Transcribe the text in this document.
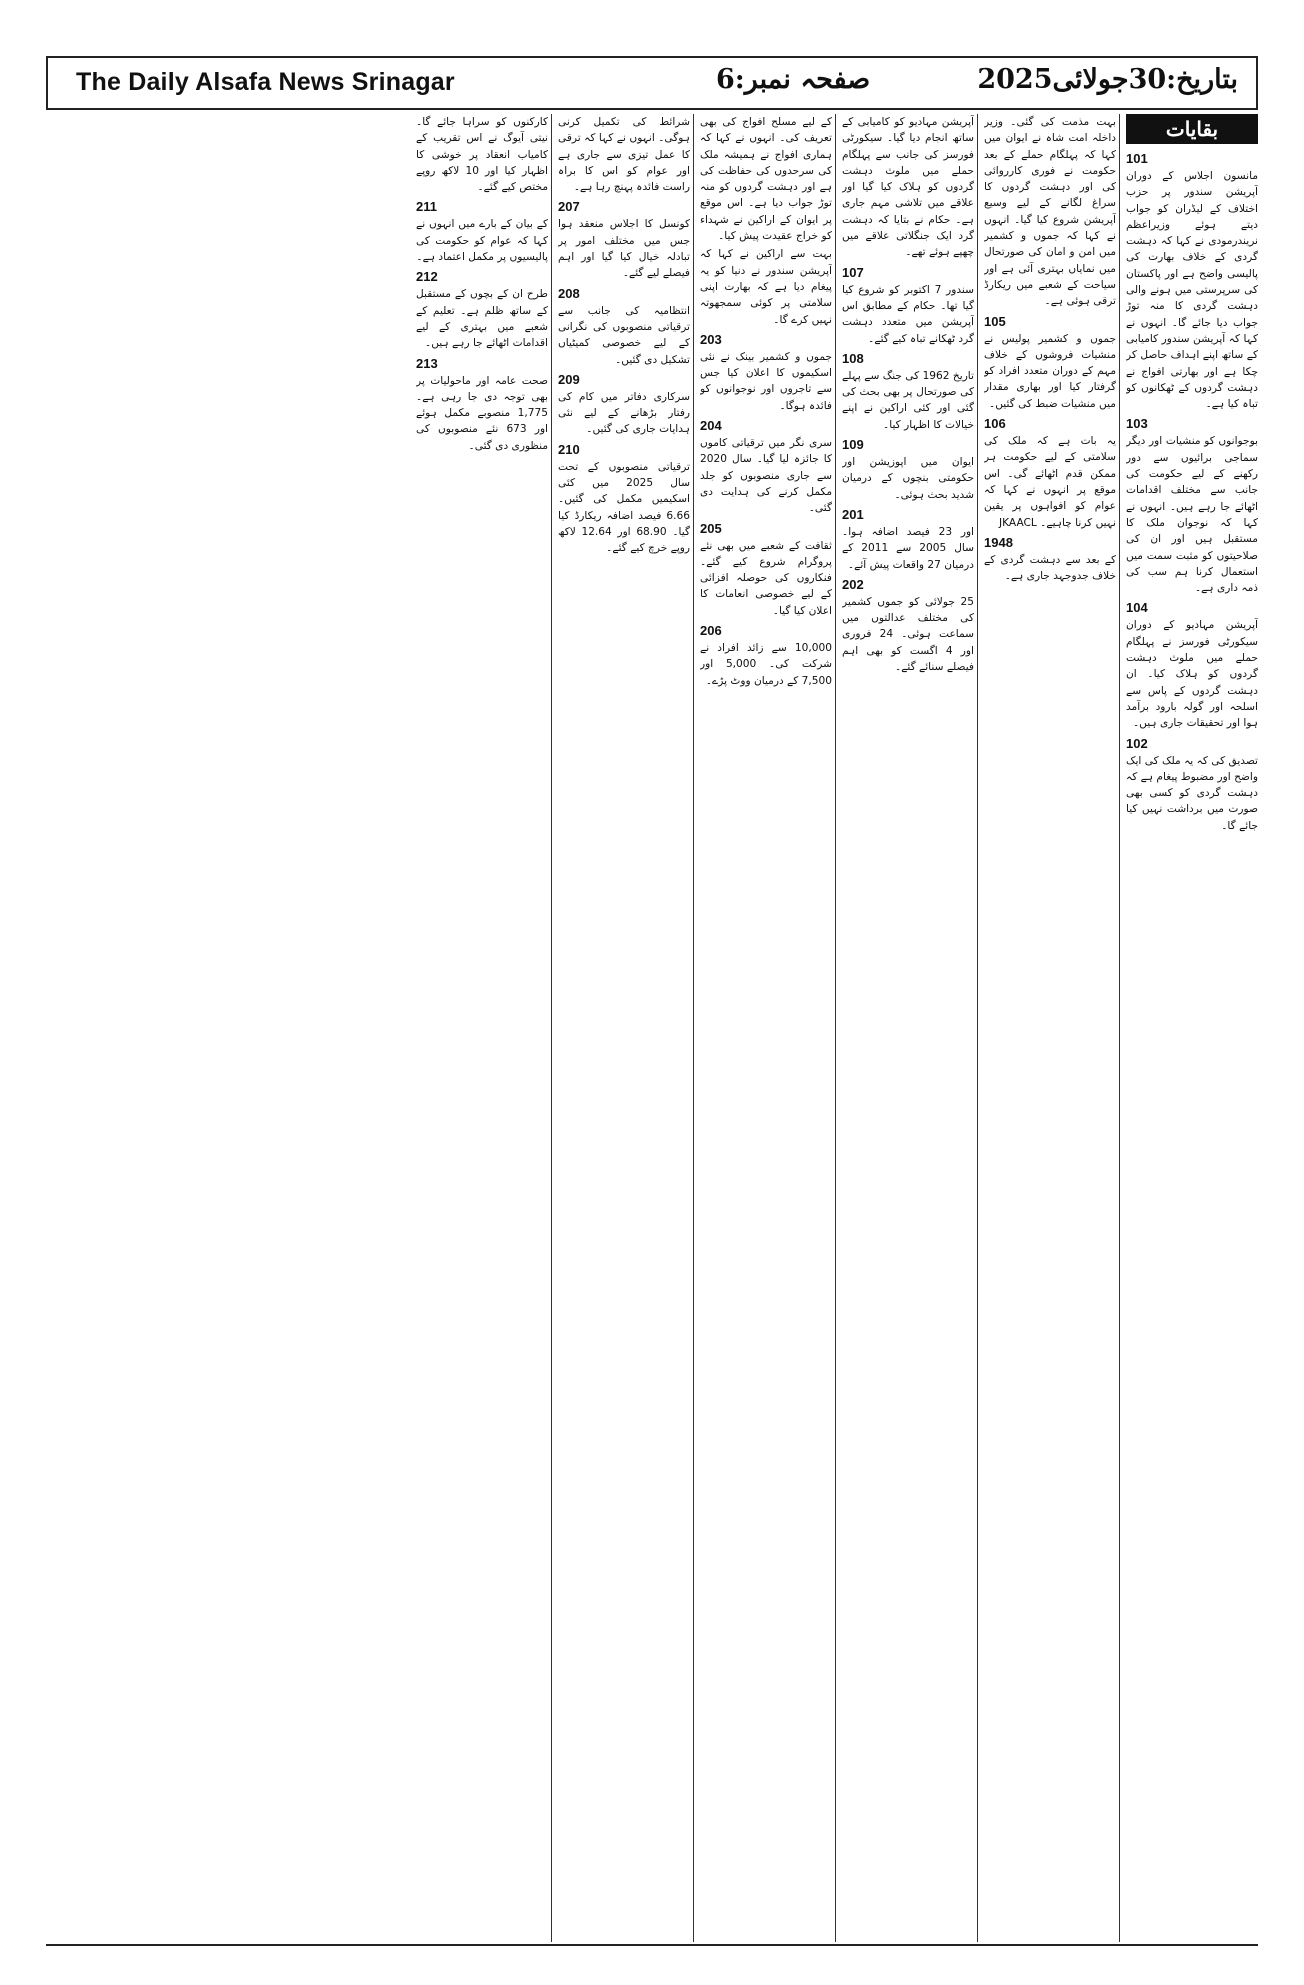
The Daily Alsafa News Srinagar	صفحہ نمبر:6	بتاریخ:30جولائی2025
بقایات
101

مانسون اجلاس کے دوران آپریشن سندور پر حزب اختلاف کے لیڈران کو جواب دیتے ہوئے وزیراعظم نریندرمودی نے کہا کہ دہشت گردی کے خلاف بھارت کی پالیسی واضح ہے اور پاکستان کی سرپرستی میں ہونے والی دہشت گردی کا منہ توڑ جواب دیا جائے گا۔ انہوں نے کہا کہ آپریشن سندور کامیابی کے ساتھ اپنے اہداف حاصل کر چکا ہے اور بھارتی افواج نے دہشت گردوں کے ٹھکانوں کو تباہ کیا ہے۔

103

بوجوانوں کو منشیات اور دیگر سماجی برائیوں سے دور رکھنے کے لیے حکومت کی جانب سے مختلف اقدامات اٹھائے جا رہے ہیں۔ انہوں نے کہا کہ نوجوان ملک کا مستقبل ہیں اور ان کی صلاحیتوں کو مثبت سمت میں استعمال کرنا ہم سب کی ذمہ داری ہے۔

104

آپریشن مہادیو کے دوران سیکورٹی فورسز نے پہلگام حملے میں ملوث دہشت گردوں کو ہلاک کیا۔ ان دہشت گردوں کے پاس سے اسلحہ اور گولہ بارود برآمد ہوا اور تحقیقات جاری ہیں۔

102

تصدیق کی کہ یہ ملک کی ایک واضح اور مضبوط پیغام ہے کہ دہشت گردی کو کسی بھی صورت میں برداشت نہیں کیا جائے گا۔

بہت مذمت کی گئی۔ وزیر داخلہ امت شاہ نے ایوان میں کہا کہ پہلگام حملے کے بعد حکومت نے فوری کارروائی کی اور دہشت گردوں کا سراغ لگانے کے لیے وسیع آپریشن شروع کیا گیا۔ انہوں نے کہا کہ جموں و کشمیر میں امن و امان کی صورتحال میں نمایاں بہتری آئی ہے اور سیاحت کے شعبے میں ریکارڈ ترقی ہوئی ہے۔

105

جموں و کشمیر پولیس نے منشیات فروشوں کے خلاف مہم کے دوران متعدد افراد کو گرفتار کیا اور بھاری مقدار میں منشیات ضبط کی گئیں۔

106

یہ بات ہے کہ ملک کی سلامتی کے لیے حکومت ہر ممکن قدم اٹھائے گی۔ اس موقع پر انہوں نے کہا کہ عوام کو افواہوں پر یقین نہیں کرنا چاہیے۔ JKAACL

1948

کے بعد سے دہشت گردی کے خلاف جدوجہد جاری ہے۔

آپریشن مہادیو کو کامیابی کے ساتھ انجام دیا گیا۔ سیکورٹی فورسز کی جانب سے پہلگام حملے میں ملوث دہشت گردوں کو ہلاک کیا گیا اور علاقے میں تلاشی مہم جاری ہے۔ حکام نے بتایا کہ دہشت گرد ایک جنگلاتی علاقے میں چھپے ہوئے تھے۔

107

سندور 7 اکتوبر کو شروع کیا گیا تھا۔ حکام کے مطابق اس آپریشن میں متعدد دہشت گرد ٹھکانے تباہ کیے گئے۔

108

تاریخ 1962 کی جنگ سے پہلے کی صورتحال پر بھی بحث کی گئی اور کئی اراکین نے اپنے خیالات کا اظہار کیا۔

109

ایوان میں اپوزیشن اور حکومتی بنچوں کے درمیان شدید بحث ہوئی۔

201

اور 23 فیصد اضافہ ہوا۔ سال 2005 سے 2011 کے درمیان 27 واقعات پیش آئے۔

202

25 جولائی کو جموں کشمیر کی مختلف عدالتوں میں سماعت ہوئی۔ 24 فروری اور 4 اگست کو بھی اہم فیصلے سنائے گئے۔

کے لیے مسلح افواج کی بھی تعریف کی۔ انہوں نے کہا کہ ہماری افواج نے ہمیشہ ملک کی سرحدوں کی حفاظت کی ہے اور دہشت گردوں کو منہ توڑ جواب دیا ہے۔ اس موقع پر ایوان کے اراکین نے شہداء کو خراج عقیدت پیش کیا۔

بہت سے اراکین نے کہا کہ آپریشن سندور نے دنیا کو یہ پیغام دیا ہے کہ بھارت اپنی سلامتی پر کوئی سمجھوتہ نہیں کرے گا۔

203

جموں و کشمیر بینک نے نئی اسکیموں کا اعلان کیا جس سے تاجروں اور نوجوانوں کو فائدہ ہوگا۔

204

سری نگر میں ترقیاتی کاموں کا جائزہ لیا گیا۔ سال 2020 سے جاری منصوبوں کو جلد مکمل کرنے کی ہدایت دی گئی۔

205

ثقافت کے شعبے میں بھی نئے پروگرام شروع کیے گئے۔ فنکاروں کی حوصلہ افزائی کے لیے خصوصی انعامات کا اعلان کیا گیا۔

206

10,000 سے زائد افراد نے شرکت کی۔ 5,000 اور 7,500 کے درمیان ووٹ پڑے۔

شرائط کی تکمیل کرنی ہوگی۔ انہوں نے کہا کہ ترقی کا عمل تیزی سے جاری ہے اور عوام کو اس کا براہ راست فائدہ پہنچ رہا ہے۔

207

کونسل کا اجلاس منعقد ہوا جس میں مختلف امور پر تبادلہ خیال کیا گیا اور اہم فیصلے لیے گئے۔

208

انتظامیہ کی جانب سے ترقیاتی منصوبوں کی نگرانی کے لیے خصوصی کمیٹیاں تشکیل دی گئیں۔

209

سرکاری دفاتر میں کام کی رفتار بڑھانے کے لیے نئی ہدایات جاری کی گئیں۔

210

ترقیاتی منصوبوں کے تحت سال 2025 میں کئی اسکیمیں مکمل کی گئیں۔ 6.66 فیصد اضافہ ریکارڈ کیا گیا۔ 68.90 اور 12.64 لاکھ روپے خرچ کیے گئے۔

کارکنوں کو سراہا جائے گا۔ نیتی آیوگ نے اس تقریب کے کامیاب انعقاد پر خوشی کا اظہار کیا اور 10 لاکھ روپے مختص کیے گئے۔

211

کے بیان کے بارے میں انہوں نے کہا کہ عوام کو حکومت کی پالیسیوں پر مکمل اعتماد ہے۔

212

طرح ان کے بچوں کے مستقبل کے ساتھ ظلم ہے۔ تعلیم کے شعبے میں بہتری کے لیے اقدامات اٹھائے جا رہے ہیں۔

213

صحت عامہ اور ماحولیات پر بھی توجہ دی جا رہی ہے۔ 1,775 منصوبے مکمل ہوئے اور 673 نئے منصوبوں کی منظوری دی گئی۔
